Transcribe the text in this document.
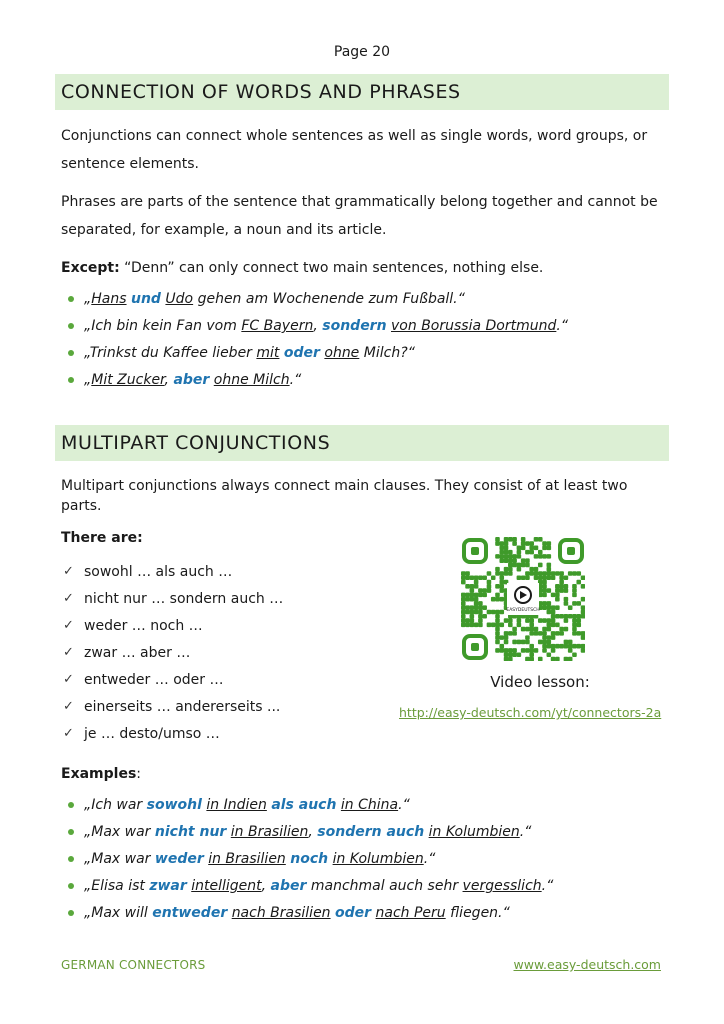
Page 20
CONNECTION OF WORDS AND PHRASES
Conjunctions can connect whole sentences as well as single words, word groups, or sentence elements.
Phrases are parts of the sentence that grammatically belong together and cannot be separated, for example, a noun and its article.
Except: “Denn” can only connect two main sentences, nothing else.
„Hans und Udo gehen am Wochenende zum Fußball.“
„Ich bin kein Fan vom FC Bayern, sondern von Borussia Dortmund.“
„Trinkst du Kaffee lieber mit oder ohne Milch?“
„Mit Zucker, aber ohne Milch.“
MULTIPART CONJUNCTIONS
Multipart conjunctions always connect main clauses. They consist of at least two parts.
There are:
✓ sowohl … als auch …
✓ nicht nur … sondern auch …
✓ weder … noch …
✓ zwar … aber …
✓ entweder … oder …
✓ einerseits … andererseits ...
✓ je … desto/umso …
EASYDEUTSCH
Video lesson:
http://easy-deutsch.com/yt/connectors-2a
Examples:
„Ich war sowohl in Indien als auch in China.“
„Max war nicht nur in Brasilien, sondern auch in Kolumbien.“
„Max war weder in Brasilien noch in Kolumbien.“
„Elisa ist zwar intelligent, aber manchmal auch sehr vergesslich.“
„Max will entweder nach Brasilien oder nach Peru fliegen.“
GERMAN CONNECTORS	www.easy-deutsch.com
